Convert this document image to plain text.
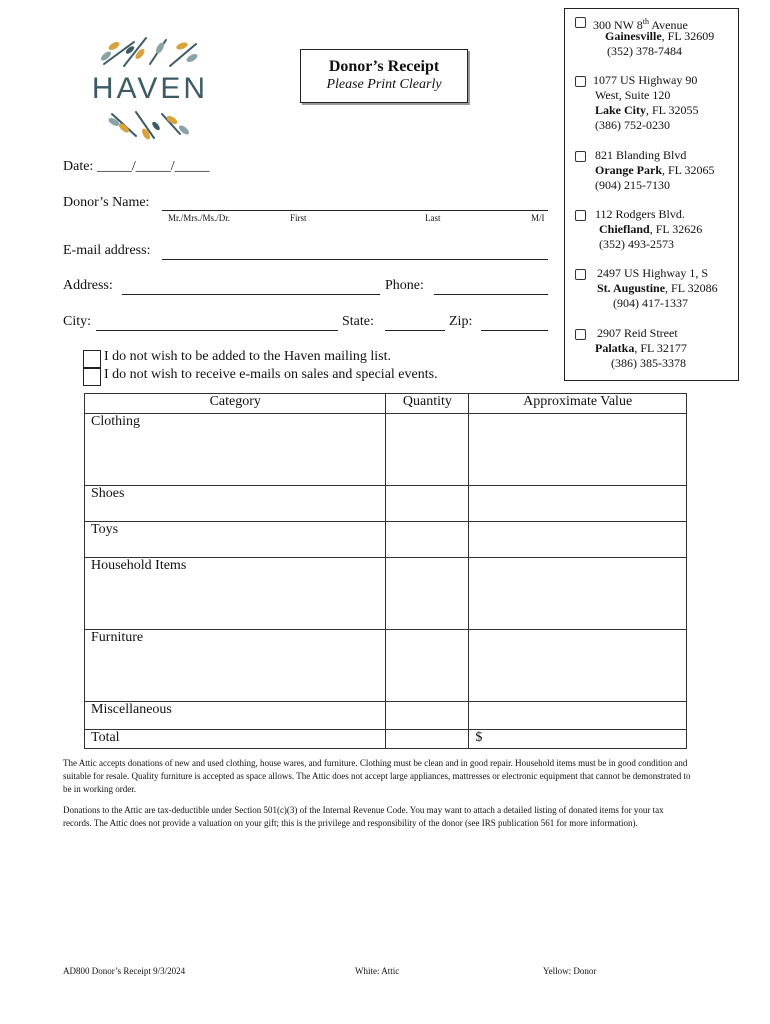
HAVEN
Donor’s Receipt
Please Print Clearly
300 NW 8th Avenue
Gainesville, FL 32609
(352) 378-7484
1077 US Highway 90
West, Suite 120
Lake City, FL 32055
(386) 752-0230
821 Blanding Blvd
Orange Park, FL 32065
(904) 215-7130
112 Rodgers Blvd.
Chiefland, FL 32626
(352) 493-2573
2497 US Highway 1, S
St. Augustine, FL 32086
(904) 417-1337
2907 Reid Street
Palatka, FL 32177
(386) 385-3378
Date: _____/_____/_____
Donor’s Name:
Mr./Mrs./Ms./Dr.	First	Last	M/I
E-mail address:
Address:	Phone:
City:	State:	Zip:
I do not wish to be added to the Haven mailing list.
I do not wish to receive e-mails on sales and special events.
Category	Quantity	Approximate Value
Clothing		
Shoes		
Toys		
Household Items		
Furniture		
Miscellaneous		
Total		$
The Attic accepts donations of new and used clothing, house wares, and furniture. Clothing must be clean and in good repair. Household items must be in good condition and suitable for resale. Quality furniture is accepted as space allows. The Attic does not accept large appliances, mattresses or electronic equipment that cannot be demonstrated to be in working order.
Donations to the Attic are tax-deductible under Section 501(c)(3) of the Internal Revenue Code. You may want to attach a detailed listing of donated items for your tax records. The Attic does not provide a valuation on your gift; this is the privilege and responsibility of the donor (see IRS publication 561 for more information).
AD800 Donor’s Receipt 9/3/2024	White: Attic	Yellow: Donor
